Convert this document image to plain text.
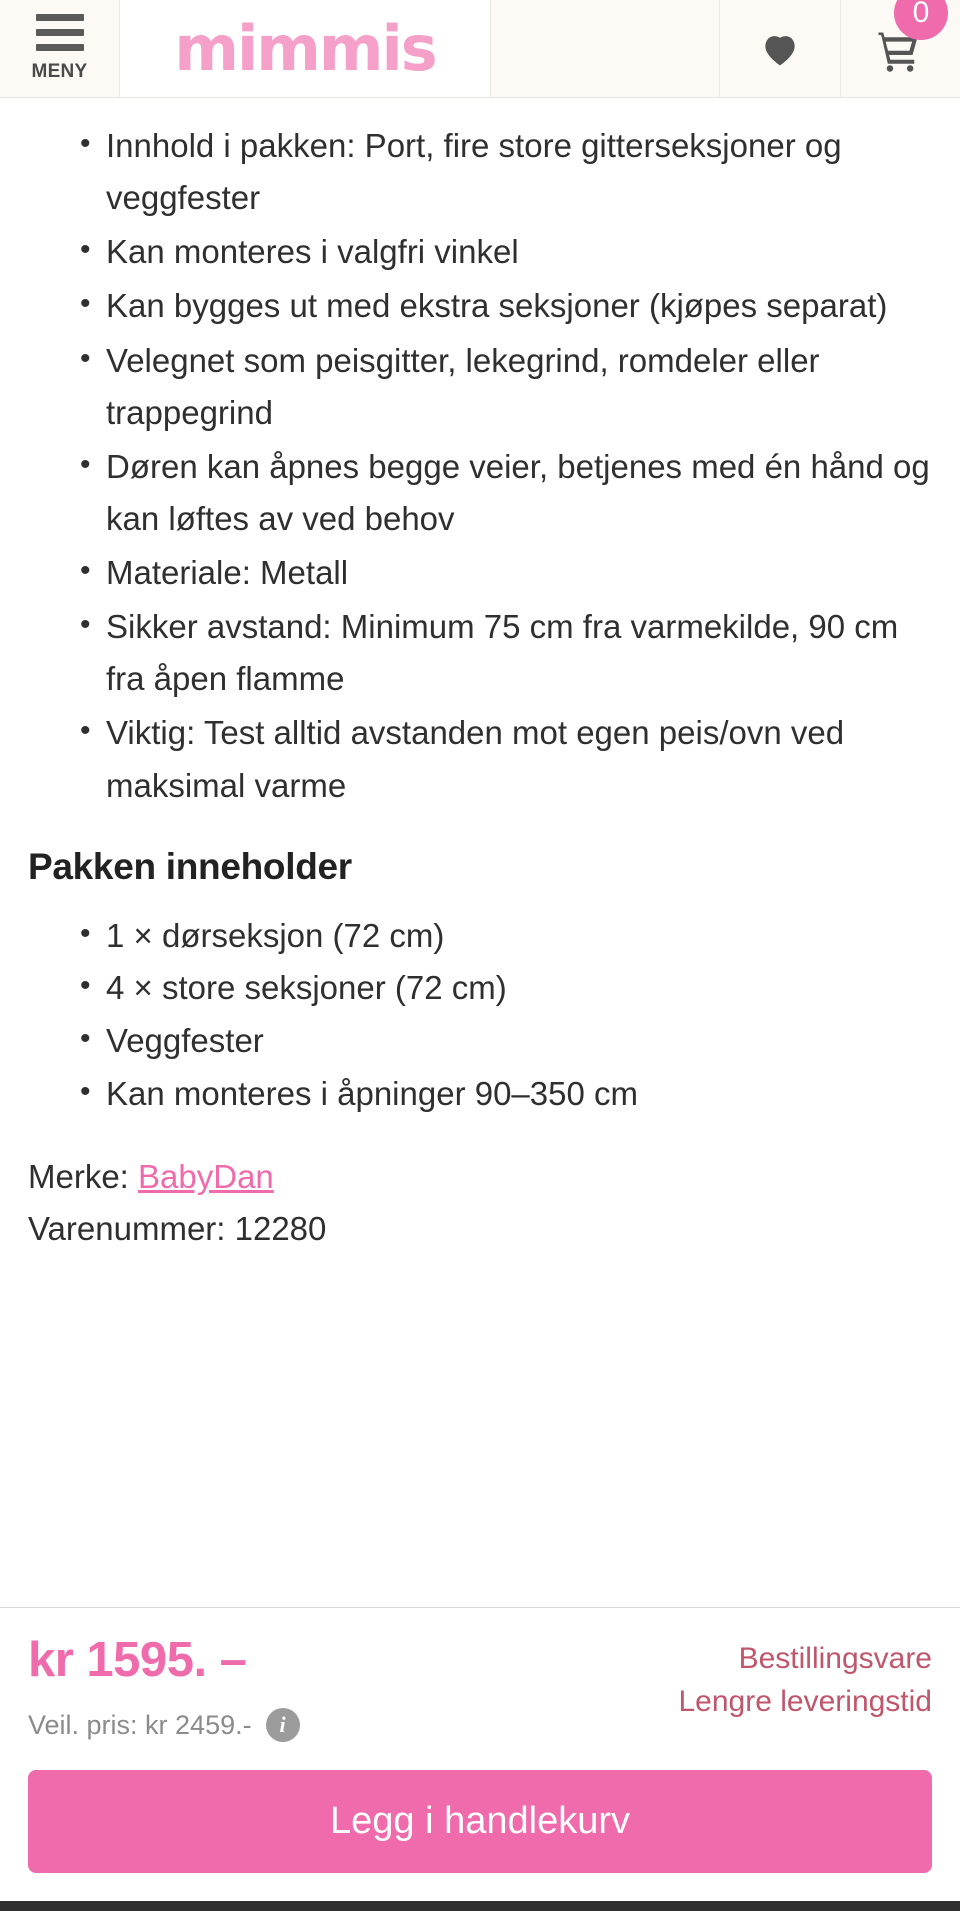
MENY mimmis	0
• Innhold i pakken: Port, fire store gitterseksjoner og veggfester
• Kan monteres i valgfri vinkel
• Kan bygges ut med ekstra seksjoner (kjøpes separat)
• Velegnet som peisgitter, lekegrind, romdeler eller trappegrind
• Døren kan åpnes begge veier, betjenes med én hånd og kan løftes av ved behov
• Materiale: Metall
• Sikker avstand: Minimum 75 cm fra varmekilde, 90 cm fra åpen flamme
• Viktig: Test alltid avstanden mot egen peis/ovn ved maksimal varme
Pakken inneholder
• 1 × dørseksjon (72 cm)
• 4 × store seksjoner (72 cm)
• Veggfester
• Kan monteres i åpninger 90–350 cm
Merke: BabyDan
Varenummer: 12280
kr 1595. –
Veil. pris: kr 2459.-	i
Bestillingsvare
Lengre leveringstid
Legg i handlekurv
